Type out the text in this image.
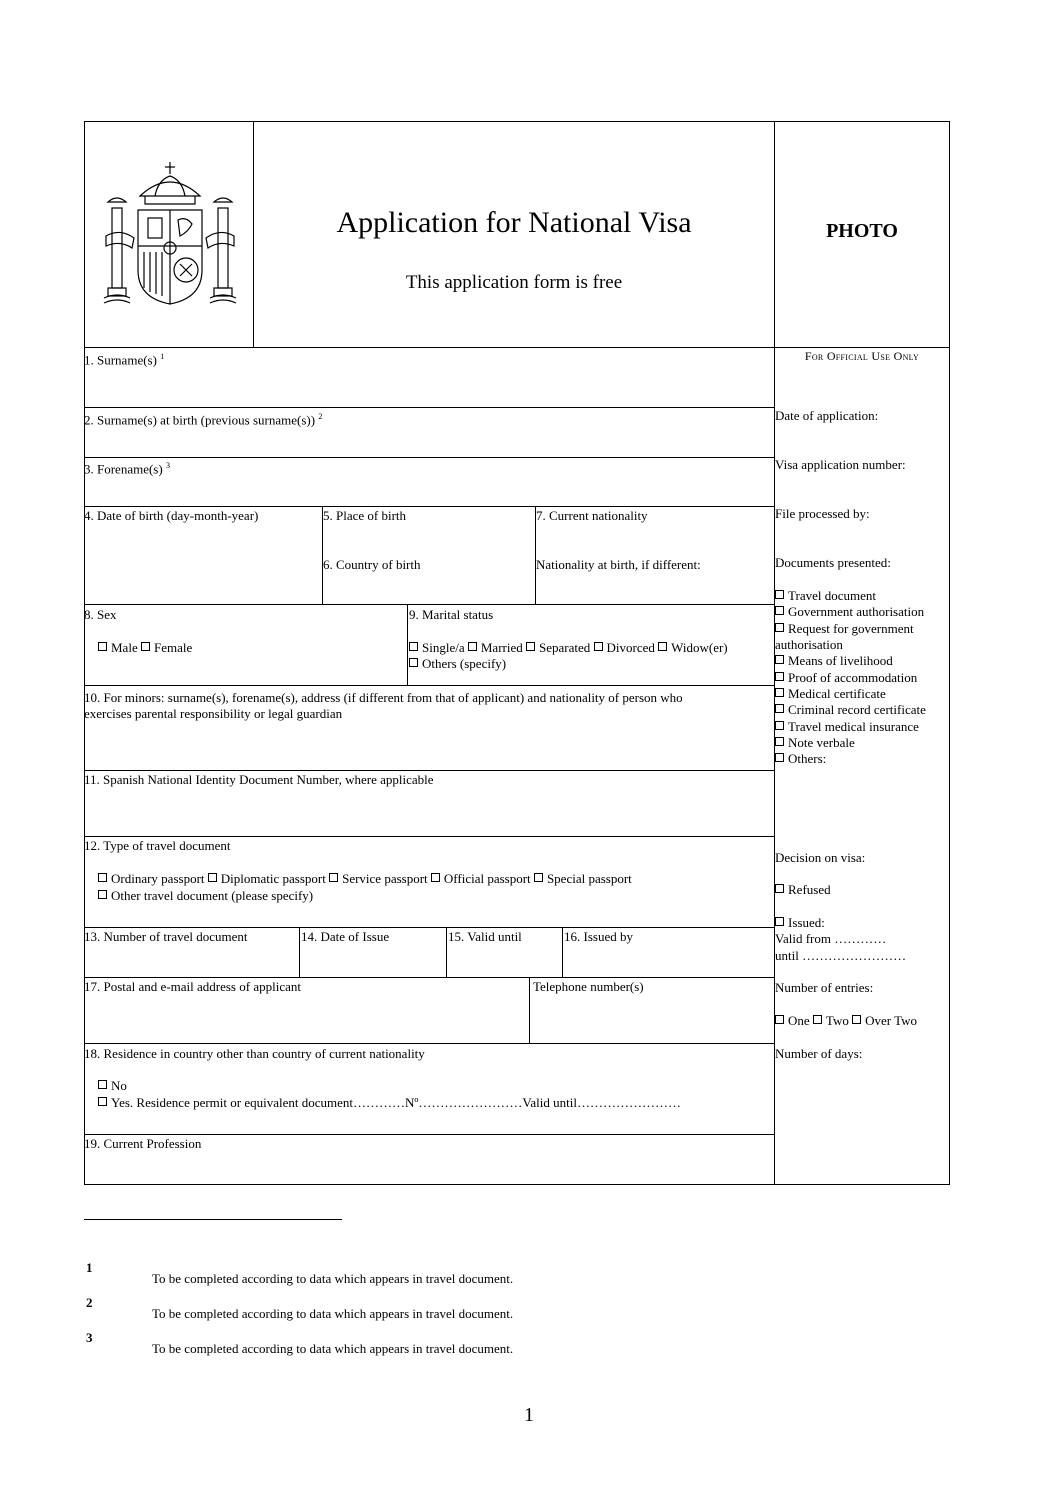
Application for National Visa
This application form is free
PHOTO
For Official Use Only
Date of application:
Visa application number:
File processed by:
Documents presented:
Travel document
Government authorisation
Request for government
authorisation
Means of livelihood
Proof of accommodation
Medical certificate
Criminal record certificate
Travel medical insurance
Note verbale
Others:
Decision on visa:
Refused
Issued:
Valid from …………
until ……………………
Number of entries:
One Two Over Two
Number of days:
1. Surname(s) $^1$
2. Surname(s) at birth (previous surname(s)) $^2$
3. Forename(s) $^3$
4. Date of birth (day-month-year)	5. Place of birth
6. Country of birth
7. Current nationality
Nationality at birth, if different:
8. Sex
Male Female
9. Marital status
Single/a Married Separated Divorced Widow(er)
Others (specify)
10. For minors: surname(s), forename(s), address (if different from that of applicant) and nationality of person who
exercises parental responsibility or legal guardian
11. Spanish National Identity Document Number, where applicable
12. Type of travel document
Ordinary passport Diplomatic passport Service passport Official passport Special passport
Other travel document (please specify)
13. Number of travel document	14. Date of Issue	15. Valid until	16. Issued by
17. Postal and e-mail address of applicant	Telephone number(s)
18. Residence in country other than country of current nationality
No
Yes. Residence permit or equivalent document…………Nº……………………Valid until……………………
19. Current Profession
1
To be completed according to data which appears in travel document.
2
To be completed according to data which appears in travel document.
3
To be completed according to data which appears in travel document.
1
